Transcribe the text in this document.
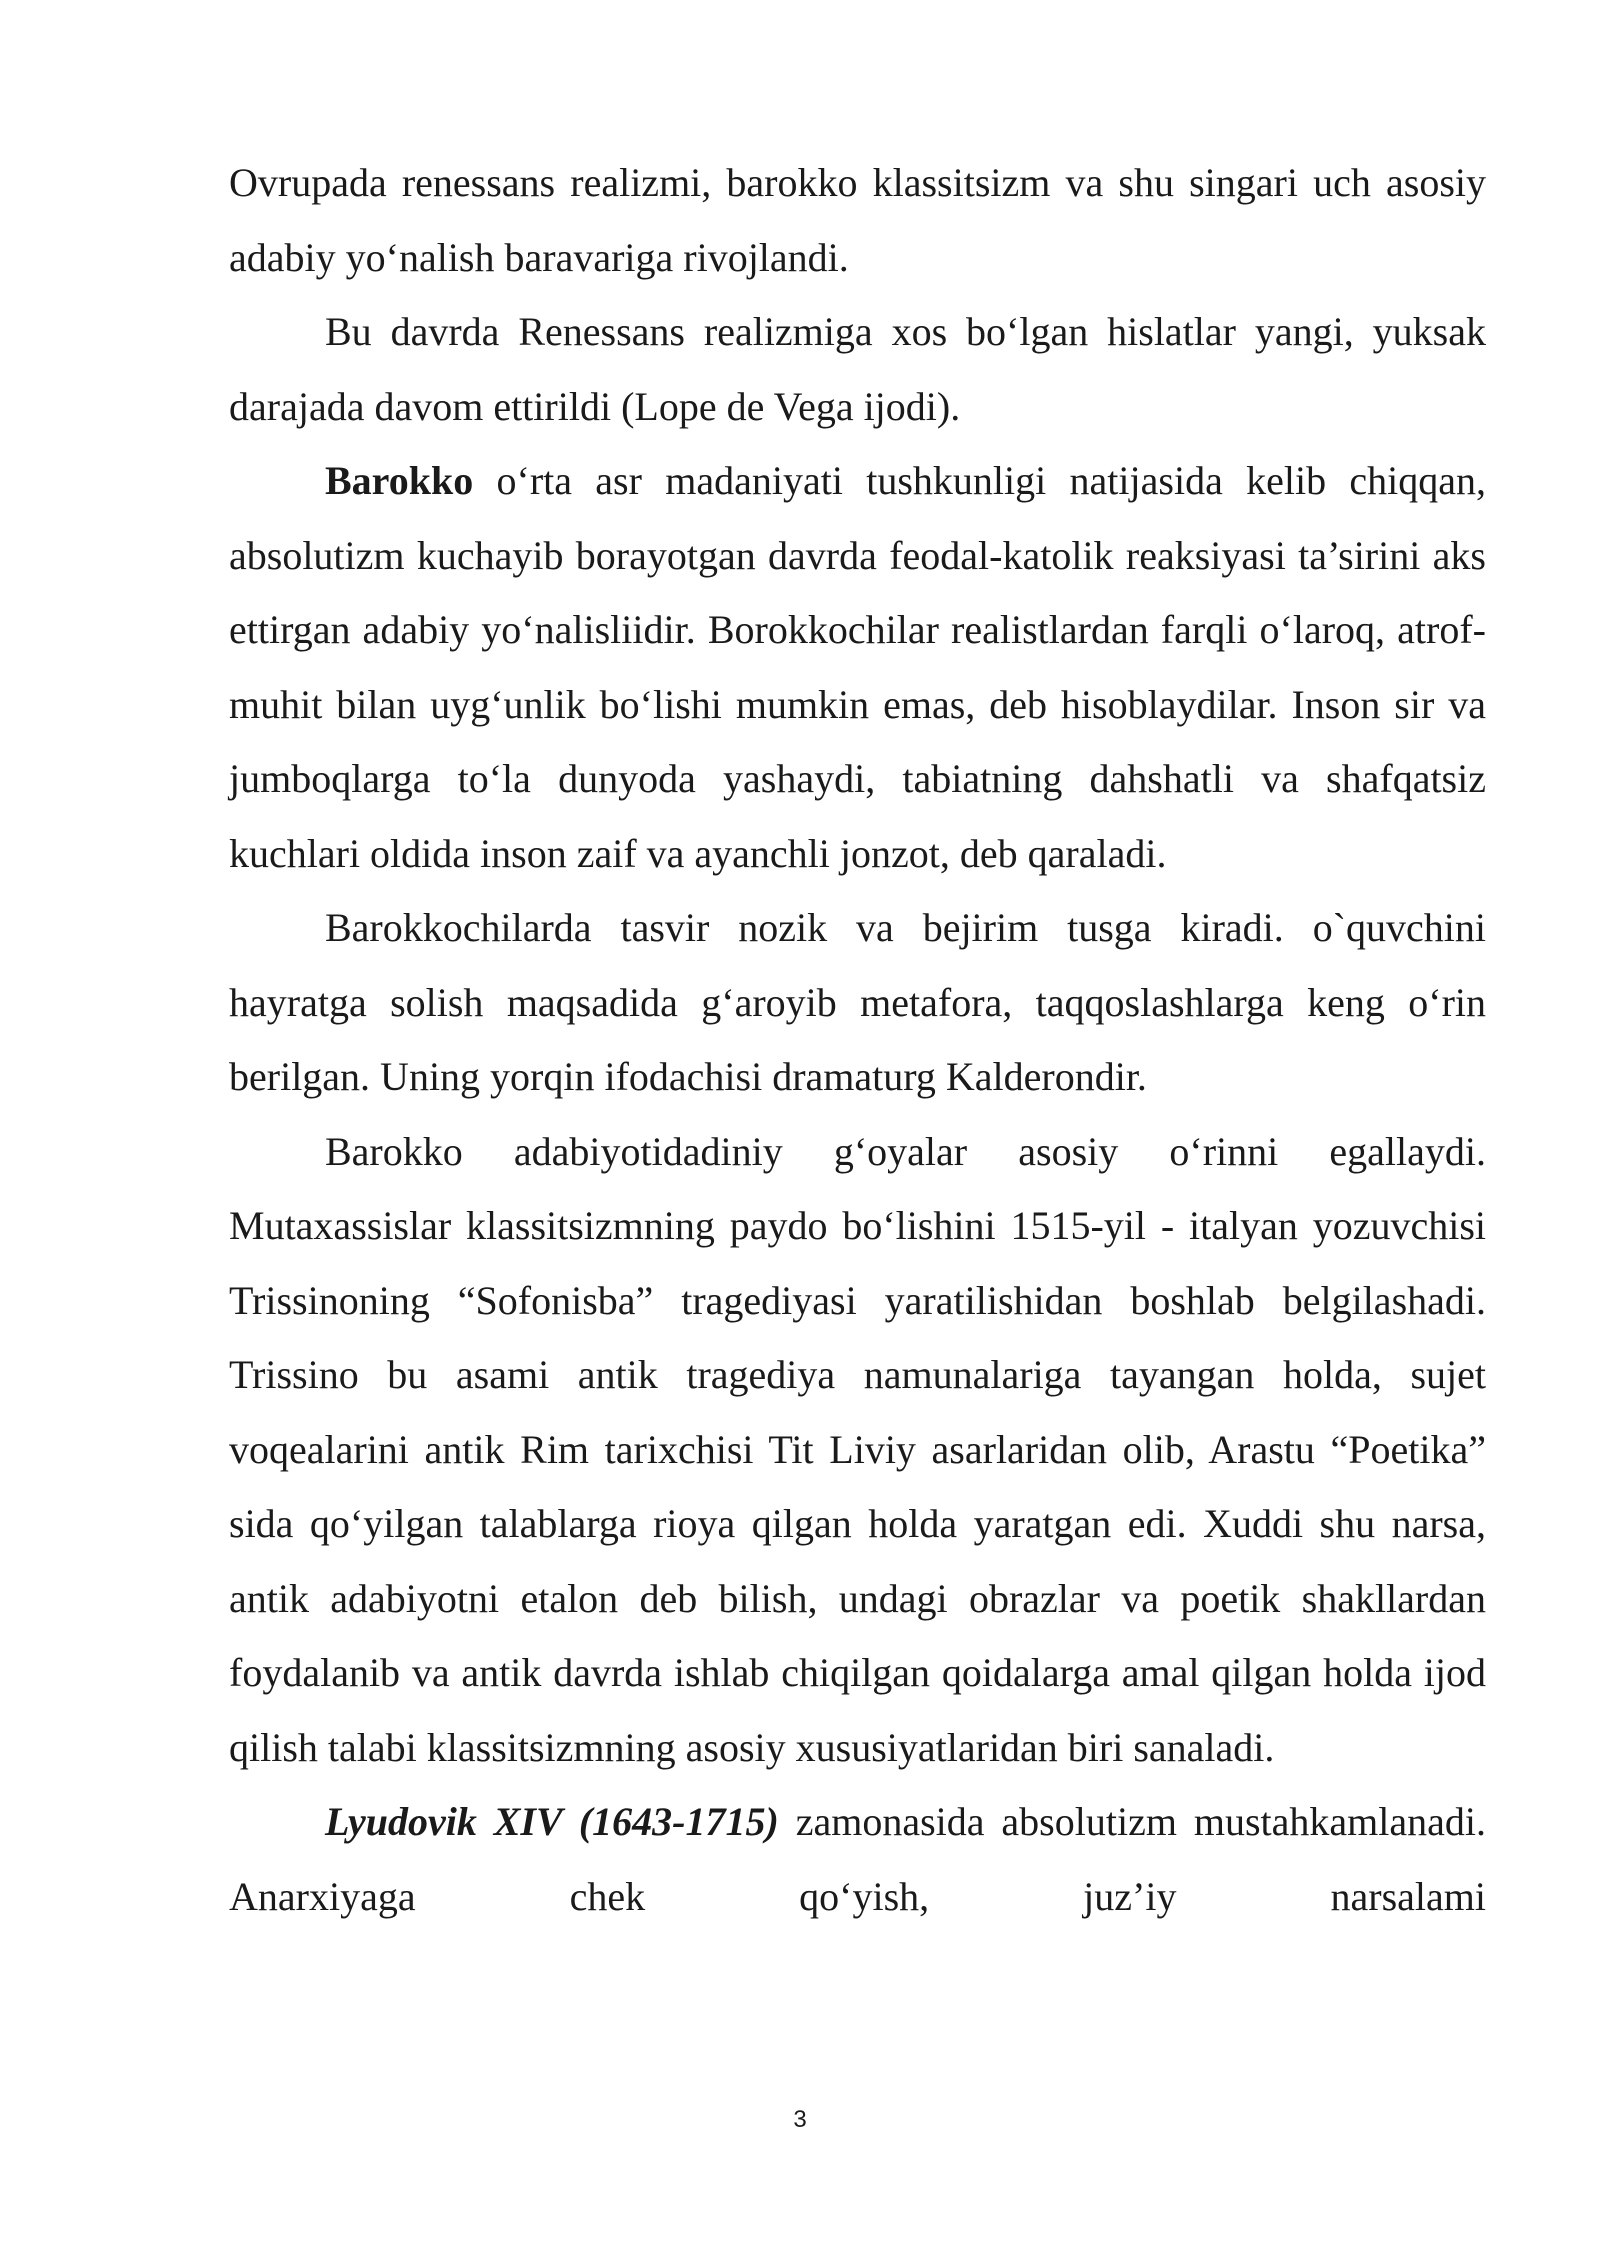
Ovrupada renessans realizmi, barokko klassitsizm va shu singari uch asosiy adabiy yo‘nalish baravariga rivojlandi.

Bu davrda Renessans realizmiga xos bo‘lgan hislatlar yangi, yuksak darajada davom ettirildi (Lope de Vega ijodi).

Barokko o‘rta asr madaniyati tushkunligi natijasida kelib chiqqan, absolutizm kuchayib borayotgan davrda feodal-katolik reaksiyasi ta’sirini aks ettirgan adabiy yo‘nalisliidir. Borokkochilar realistlardan farqli o‘laroq, atrof-muhit bilan uyg‘unlik bo‘lishi mumkin emas, deb hisoblaydilar. Inson sir va jumboqlarga to‘la dunyoda yashaydi, tabiatning dahshatli va shafqatsiz kuchlari oldida inson zaif va ayanchli jonzot, deb qaraladi.

Barokkochilarda tasvir nozik va bejirim tusga kiradi. o`quvchini hayratga solish maqsadida g‘aroyib metafora, taqqoslashlarga keng o‘rin berilgan. Uning yorqin ifodachisi dramaturg Kalderondir.

Barokko adabiyotidadiniy g‘oyalar asosiy o‘rinni egallaydi. Mutaxassislar klassitsizmning paydo bo‘lishini 1515-yil - italyan yozuvchisi Trissinoning “Sofonisba” tragediyasi yaratilishidan boshlab belgilashadi. Trissino bu asami antik tragediya namunalariga tayangan holda, sujet voqealarini antik Rim tarixchisi Tit Liviy asarlaridan olib, Arastu “Poetika” sida qo‘yilgan talablarga rioya qilgan holda yaratgan edi. Xuddi shu narsa, antik adabiyotni etalon deb bilish, undagi obrazlar va poetik shakllardan foydalanib va antik davrda ishlab chiqilgan qoidalarga amal qilgan holda ijod qilish talabi klassitsizmning asosiy xususiyatlaridan biri sanaladi.

Lyudovik XIV (1643-1715) zamonasida absolutizm mustahkamlanadi. Anarxiyaga chek qo‘yish, juz’iy narsalami

3
